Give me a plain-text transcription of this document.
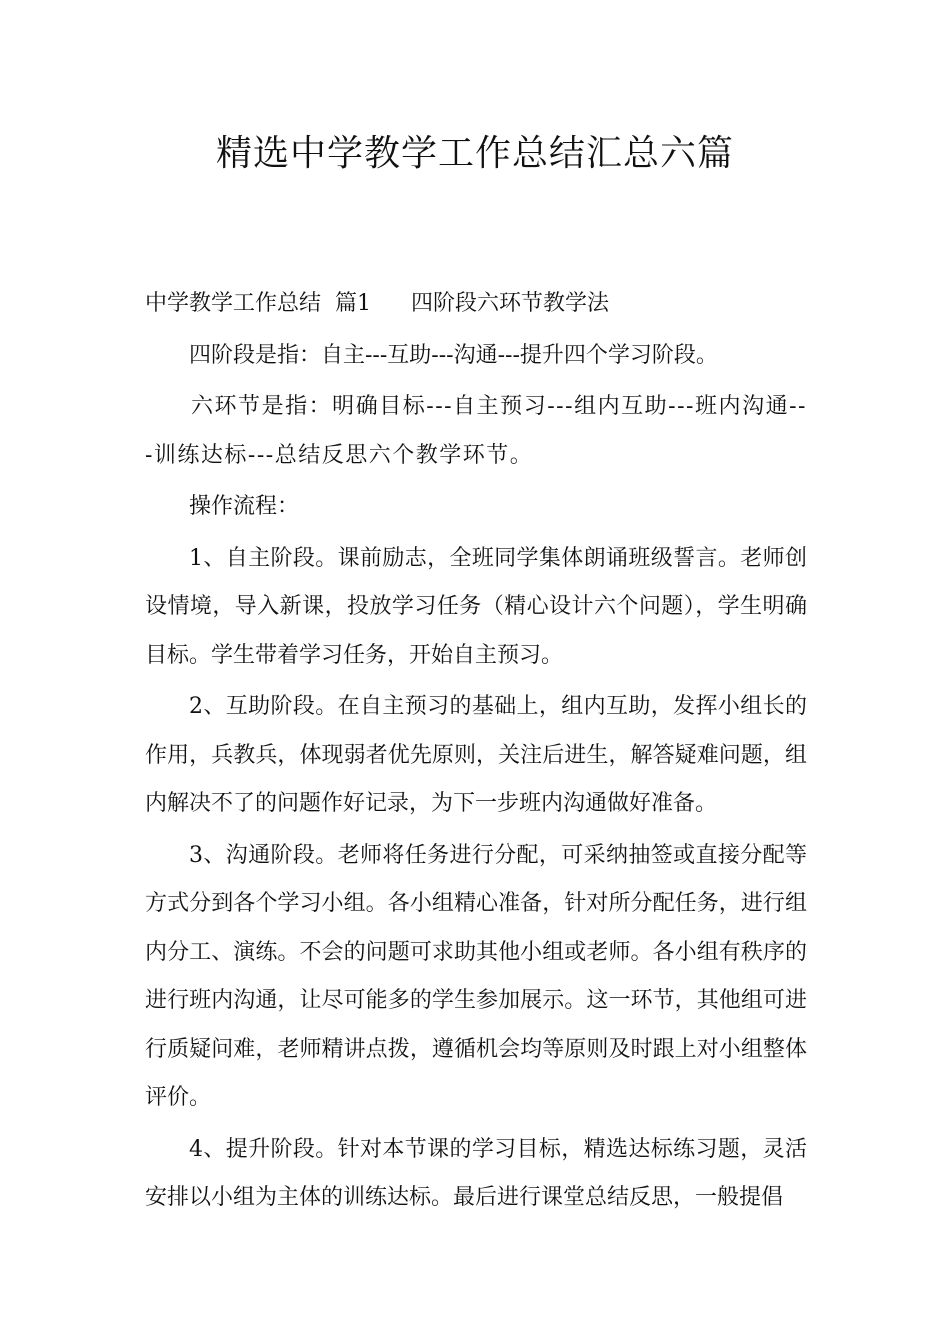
精选中学教学工作总结汇总六篇

中学教学工作总结  篇1 四阶段六环节教学法

四阶段是指：自主---互助---沟通---提升四个学习阶段。

六环节是指：明确目标---自主预习---组内互助---班内沟通---训练达标---总结反思六个教学环节。

操作流程：

1、自主阶段。课前励志，全班同学集体朗诵班级誓言。老师创设情境，导入新课，投放学习任务（精心设计六个问题），学生明确目标。学生带着学习任务，开始自主预习。

2、互助阶段。在自主预习的基础上，组内互助，发挥小组长的作用，兵教兵，体现弱者优先原则，关注后进生，解答疑难问题，组内解决不了的问题作好记录，为下一步班内沟通做好准备。

3、沟通阶段。老师将任务进行分配，可采纳抽签或直接分配等方式分到各个学习小组。各小组精心准备，针对所分配任务，进行组内分工、演练。不会的问题可求助其他小组或老师。各小组有秩序的进行班内沟通，让尽可能多的学生参加展示。这一环节，其他组可进行质疑问难，老师精讲点拨，遵循机会均等原则及时跟上对小组整体评价。

4、提升阶段。针对本节课的学习目标，精选达标练习题，灵活安排以小组为主体的训练达标。最后进行课堂总结反思，一般提倡
